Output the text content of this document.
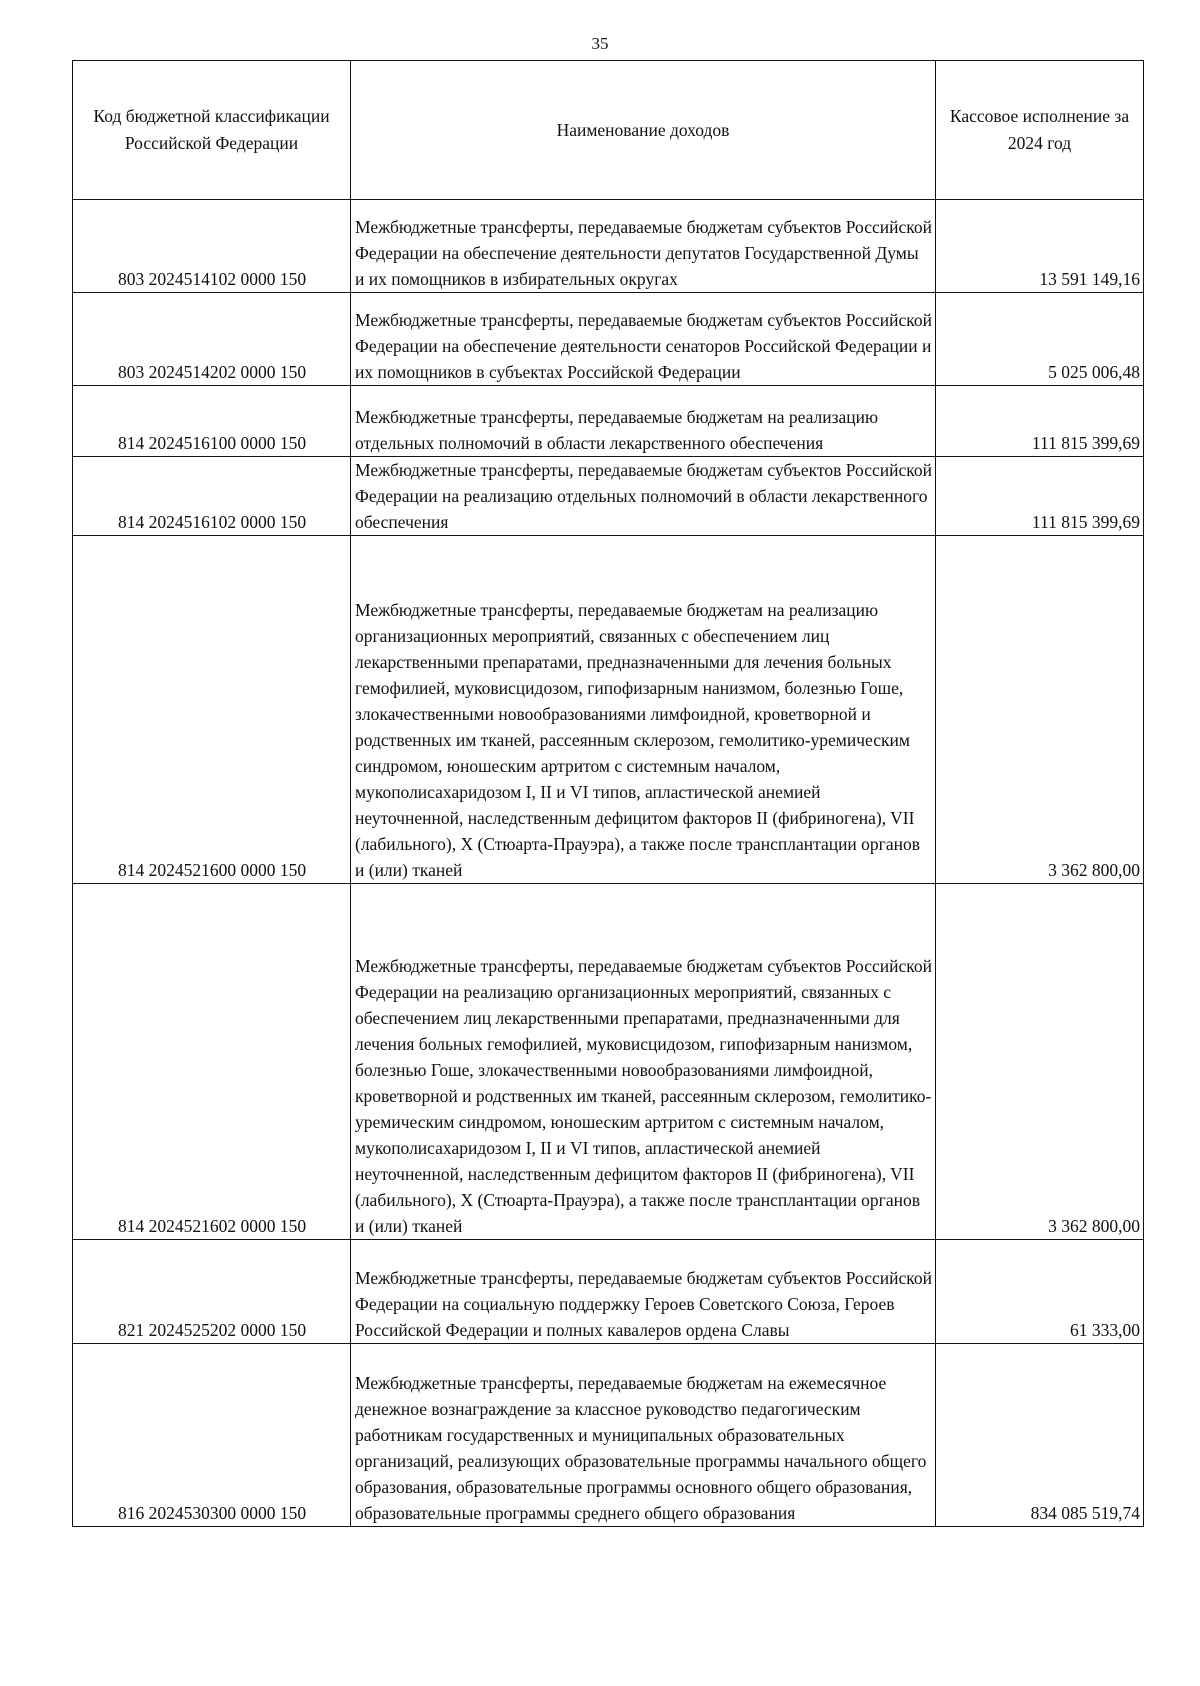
35
Код бюджетной классификации Российской Федерации	Наименование доходов	Кассовое исполнение за 2024 год
803 2024514102 0000 150	Межбюджетные трансферты, передаваемые бюджетам субъектов Российской Федерации на обеспечение деятельности депутатов Государственной Думы и их помощников в избирательных округах	13 591 149,16
803 2024514202 0000 150	Межбюджетные трансферты, передаваемые бюджетам субъектов Российской Федерации на обеспечение деятельности сенаторов Российской Федерации и их помощников в субъектах Российской Федерации	5 025 006,48
814 2024516100 0000 150	Межбюджетные трансферты, передаваемые бюджетам на реализацию отдельных полномочий в области лекарственного обеспечения	111 815 399,69
814 2024516102 0000 150	Межбюджетные трансферты, передаваемые бюджетам субъектов Российской Федерации на реализацию отдельных полномочий в области лекарственного обеспечения	111 815 399,69
814 2024521600 0000 150	Межбюджетные трансферты, передаваемые бюджетам на реализацию организационных мероприятий, связанных с обеспечением лиц лекарственными препаратами, предназначенными для лечения больных гемофилией, муковисцидозом, гипофизарным нанизмом, болезнью Гоше, злокачественными новообразованиями лимфоидной, кроветворной и родственных им тканей, рассеянным склерозом, гемолитико-уремическим синдромом, юношеским артритом с системным началом, мукополисахаридозом I, II и VI типов, апластической анемией неуточненной, наследственным дефицитом факторов II (фибриногена), VII (лабильного), X (Стюарта-Прауэра), а также после трансплантации органов и (или) тканей	3 362 800,00
814 2024521602 0000 150	Межбюджетные трансферты, передаваемые бюджетам субъектов Российской Федерации на реализацию организационных мероприятий, связанных с обеспечением лиц лекарственными препаратами, предназначенными для лечения больных гемофилией, муковисцидозом, гипофизарным нанизмом, болезнью Гоше, злокачественными новообразованиями лимфоидной, кроветворной и родственных им тканей, рассеянным склерозом, гемолитико-уремическим синдромом, юношеским артритом с системным началом, мукополисахаридозом I, II и VI типов, апластической анемией неуточненной, наследственным дефицитом факторов II (фибриногена), VII (лабильного), X (Стюарта-Прауэра), а также после трансплантации органов и (или) тканей	3 362 800,00
821 2024525202 0000 150	Межбюджетные трансферты, передаваемые бюджетам субъектов Российской Федерации на социальную поддержку Героев Советского Союза, Героев Российской Федерации и полных кавалеров ордена Славы	61 333,00
816 2024530300 0000 150	Межбюджетные трансферты, передаваемые бюджетам на ежемесячное денежное вознаграждение за классное руководство педагогическим работникам государственных и муниципальных образовательных организаций, реализующих образовательные программы начального общего образования, образовательные программы основного общего образования, образовательные программы среднего общего образования	834 085 519,74
